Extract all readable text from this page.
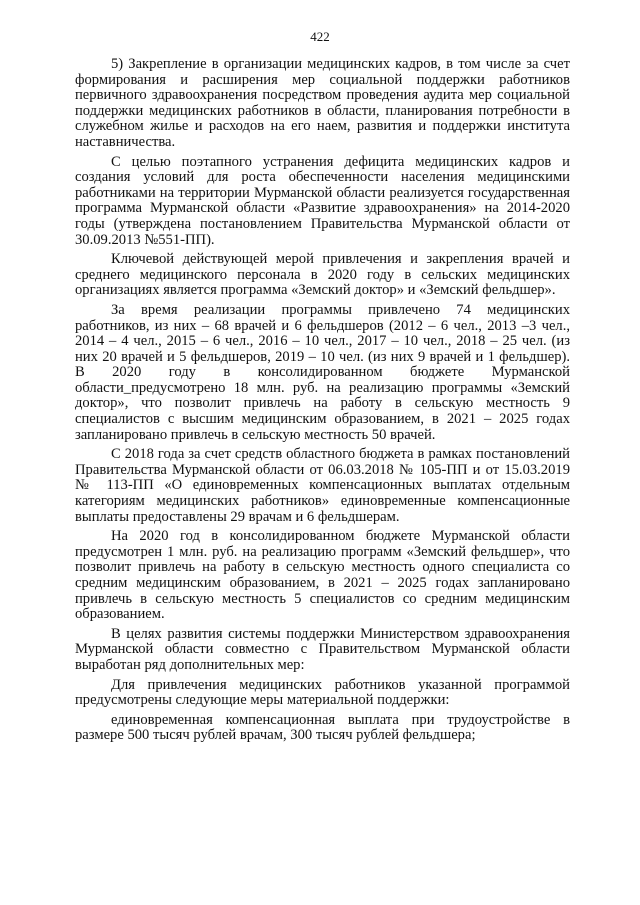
422

5) Закрепление в организации медицинских кадров, в том числе за счет формирования и расширения мер социальной поддержки работников первичного здравоохранения посредством проведения аудита мер социальной поддержки медицинских работников в области, планирования потребности в служебном жилье и расходов на его наем, развития и поддержки института наставничества.

С целью поэтапного устранения дефицита медицинских кадров и создания условий для роста обеспеченности населения медицинскими работниками на территории Мурманской области реализуется государственная программа Мурманской области «Развитие здравоохранения» на 2014-2020 годы (утверждена постановлением Правительства Мурманской области от 30.09.2013 №551-ПП).

Ключевой действующей мерой привлечения и закрепления врачей и среднего медицинского персонала в 2020 году в сельских медицинских организациях является программа «Земский доктор» и «Земский фельдшер».

За время реализации программы привлечено 74 медицинских работников, из них – 68 врачей и 6 фельдшеров (2012 – 6 чел., 2013 –3 чел., 2014 – 4 чел., 2015 – 6 чел., 2016 – 10 чел., 2017 – 10 чел., 2018 – 25 чел. (из них 20 врачей и 5 фельдшеров, 2019 – 10 чел. (из них 9 врачей и 1 фельдшер). В 2020 году в консолидированном бюджете Мурманской области_предусмотрено 18 млн. руб. на реализацию программы «Земский доктор», что позволит привлечь на работу в сельскую местность 9 специалистов с высшим медицинским образованием, в 2021 – 2025 годах запланировано привлечь в сельскую местность 50 врачей.

С 2018 года за счет средств областного бюджета в рамках постановлений Правительства Мурманской области от 06.03.2018 № 105-ПП и от 15.03.2019 № 113-ПП «О единовременных компенсационных выплатах отдельным категориям медицинских работников» единовременные компенсационные выплаты предоставлены 29 врачам и 6 фельдшерам.

На 2020 год в консолидированном бюджете Мурманской области предусмотрен 1 млн. руб. на реализацию программ «Земский фельдшер», что позволит привлечь на работу в сельскую местность одного специалиста со средним медицинским образованием, в 2021 – 2025 годах запланировано привлечь в сельскую местность 5 специалистов со средним медицинским образованием.

В целях развития системы поддержки Министерством здравоохранения Мурманской области совместно с Правительством Мурманской области выработан ряд дополнительных мер:

Для привлечения медицинских работников указанной программой предусмотрены следующие меры материальной поддержки:

единовременная компенсационная выплата при трудоустройстве в размере 500 тысяч рублей врачам, 300 тысяч рублей фельдшера;
